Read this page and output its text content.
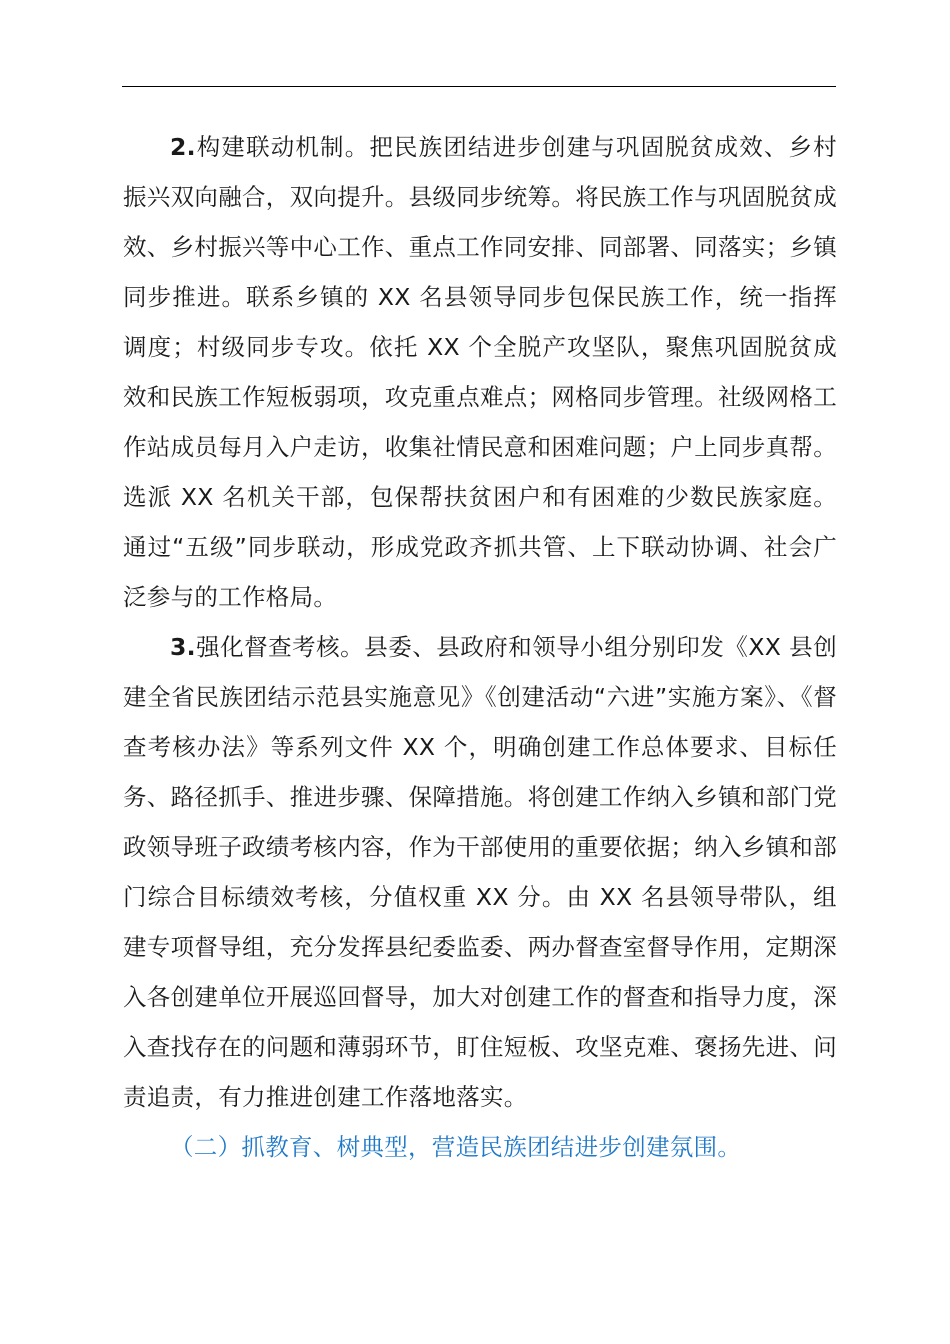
2.构建联动机制。把民族团结进步创建与巩固脱贫成效、乡村振兴双向融合，双向提升。县级同步统筹。将民族工作与巩固脱贫成效、乡村振兴等中心工作、重点工作同安排、同部署、同落实；乡镇同步推进。联系乡镇的 XX 名县领导同步包保民族工作，统一指挥调度；村级同步专攻。依托 XX 个全脱产攻坚队，聚焦巩固脱贫成效和民族工作短板弱项，攻克重点难点；网格同步管理。社级网格工作站成员每月入户走访，收集社情民意和困难问题；户上同步真帮。选派 XX 名机关干部，包保帮扶贫困户和有困难的少数民族家庭。通过“五级”同步联动，形成党政齐抓共管、上下联动协调、社会广泛参与的工作格局。

3.强化督查考核。县委、县政府和领导小组分别印发《XX 县创建全省民族团结示范县实施意见》《创建活动“六进”实施方案》、《督查考核办法》等系列文件 XX 个，明确创建工作总体要求、目标任务、路径抓手、推进步骤、保障措施。将创建工作纳入乡镇和部门党政领导班子政绩考核内容，作为干部使用的重要依据；纳入乡镇和部门综合目标绩效考核，分值权重 XX 分。由 XX 名县领导带队，组建专项督导组，充分发挥县纪委监委、两办督查室督导作用，定期深入各创建单位开展巡回督导，加大对创建工作的督查和指导力度，深入查找存在的问题和薄弱环节，盯住短板、攻坚克难、褒扬先进、问责追责，有力推进创建工作落地落实。

（二）抓教育、树典型，营造民族团结进步创建氛围。
